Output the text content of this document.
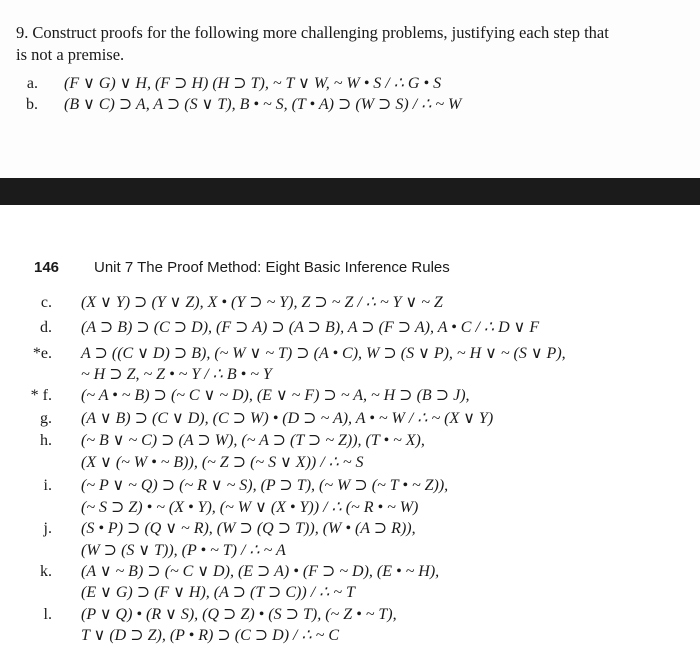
9. Construct proofs for the following more challenging problems, justifying each step that
is not a premise.
a. (F ∨ G) ∨ H, (F ⊃ H) (H ⊃ T), ~ T ∨ W, ~ W • S / ∴ G • S
b. (B ∨ C) ⊃ A, A ⊃ (S ∨ T), B • ~ S, (T • A) ⊃ (W ⊃ S) / ∴ ~ W
146 Unit 7 The Proof Method: Eight Basic Inference Rules
c. (X ∨ Y) ⊃ (Y ∨ Z), X • (Y ⊃ ~ Y), Z ⊃ ~ Z / ∴ ~ Y ∨ ~ Z
d. (A ⊃ B) ⊃ (C ⊃ D), (F ⊃ A) ⊃ (A ⊃ B), A ⊃ (F ⊃ A), A • C / ∴ D ∨ F
*e. A ⊃ ((C ∨ D) ⊃ B), (~ W ∨ ~ T) ⊃ (A • C), W ⊃ (S ∨ P), ~ H ∨ ~ (S ∨ P),
~ H ⊃ Z, ~ Z • ~ Y / ∴ B • ~ Y
* f. (~ A • ~ B) ⊃ (~ C ∨ ~ D), (E ∨ ~ F) ⊃ ~ A, ~ H ⊃ (B ⊃ J),
g. (A ∨ B) ⊃ (C ∨ D), (C ⊃ W) • (D ⊃ ~ A), A • ~ W / ∴ ~ (X ∨ Y)
h. (~ B ∨ ~ C) ⊃ (A ⊃ W), (~ A ⊃ (T ⊃ ~ Z)), (T • ~ X),
(X ∨ (~ W • ~ B)), (~ Z ⊃ (~ S ∨ X)) / ∴ ~ S
i. (~ P ∨ ~ Q) ⊃ (~ R ∨ ~ S), (P ⊃ T), (~ W ⊃ (~ T • ~ Z)),
(~ S ⊃ Z) • ~ (X • Y), (~ W ∨ (X • Y)) / ∴ (~ R • ~ W)
j. (S • P) ⊃ (Q ∨ ~ R), (W ⊃ (Q ⊃ T)), (W • (A ⊃ R)),
(W ⊃ (S ∨ T)), (P • ~ T) / ∴ ~ A
k. (A ∨ ~ B) ⊃ (~ C ∨ D), (E ⊃ A) • (F ⊃ ~ D), (E • ~ H),
(E ∨ G) ⊃ (F ∨ H), (A ⊃ (T ⊃ C)) / ∴ ~ T
l. (P ∨ Q) • (R ∨ S), (Q ⊃ Z) • (S ⊃ T), (~ Z • ~ T),
T ∨ (D ⊃ Z), (P • R) ⊃ (C ⊃ D) / ∴ ~ C
